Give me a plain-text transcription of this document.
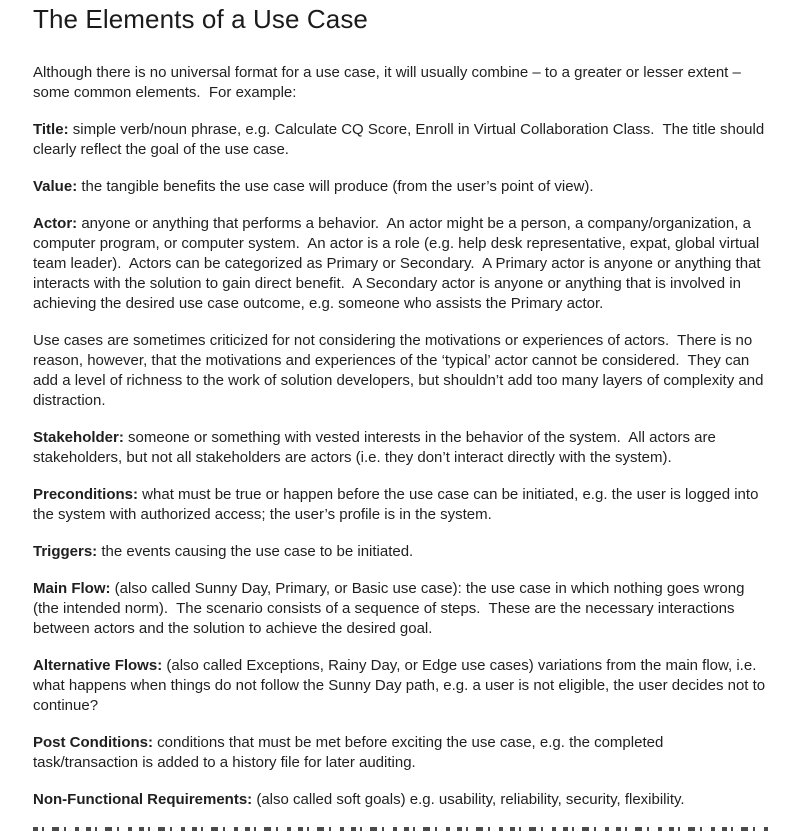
The Elements of a Use Case

Although there is no universal format for a use case, it will usually combine – to a greater or lesser extent – some common elements.  For example:

Title: simple verb/noun phrase, e.g. Calculate CQ Score, Enroll in Virtual Collaboration Class.  The title should clearly reflect the goal of the use case.

Value: the tangible benefits the use case will produce (from the user’s point of view).

Actor: anyone or anything that performs a behavior.  An actor might be a person, a company/organization, a computer program, or computer system.  An actor is a role (e.g. help desk representative, expat, global virtual team leader).  Actors can be categorized as Primary or Secondary.  A Primary actor is anyone or anything that interacts with the solution to gain direct benefit.  A Secondary actor is anyone or anything that is involved in achieving the desired use case outcome, e.g. someone who assists the Primary actor.

Use cases are sometimes criticized for not considering the motivations or experiences of actors.  There is no reason, however, that the motivations and experiences of the ‘typical’ actor cannot be considered.  They can add a level of richness to the work of solution developers, but shouldn’t add too many layers of complexity and distraction.

Stakeholder: someone or something with vested interests in the behavior of the system.  All actors are stakeholders, but not all stakeholders are actors (i.e. they don’t interact directly with the system).

Preconditions: what must be true or happen before the use case can be initiated, e.g. the user is logged into the system with authorized access; the user’s profile is in the system.

Triggers: the events causing the use case to be initiated.

Main Flow: (also called Sunny Day, Primary, or Basic use case): the use case in which nothing goes wrong (the intended norm).  The scenario consists of a sequence of steps.  These are the necessary interactions between actors and the solution to achieve the desired goal.

Alternative Flows: (also called Exceptions, Rainy Day, or Edge use cases) variations from the main flow, i.e. what happens when things do not follow the Sunny Day path, e.g. a user is not eligible, the user decides not to continue?

Post Conditions: conditions that must be met before exciting the use case, e.g. the completed task/transaction is added to a history file for later auditing.

Non-Functional Requirements: (also called soft goals) e.g. usability, reliability, security, flexibility.
